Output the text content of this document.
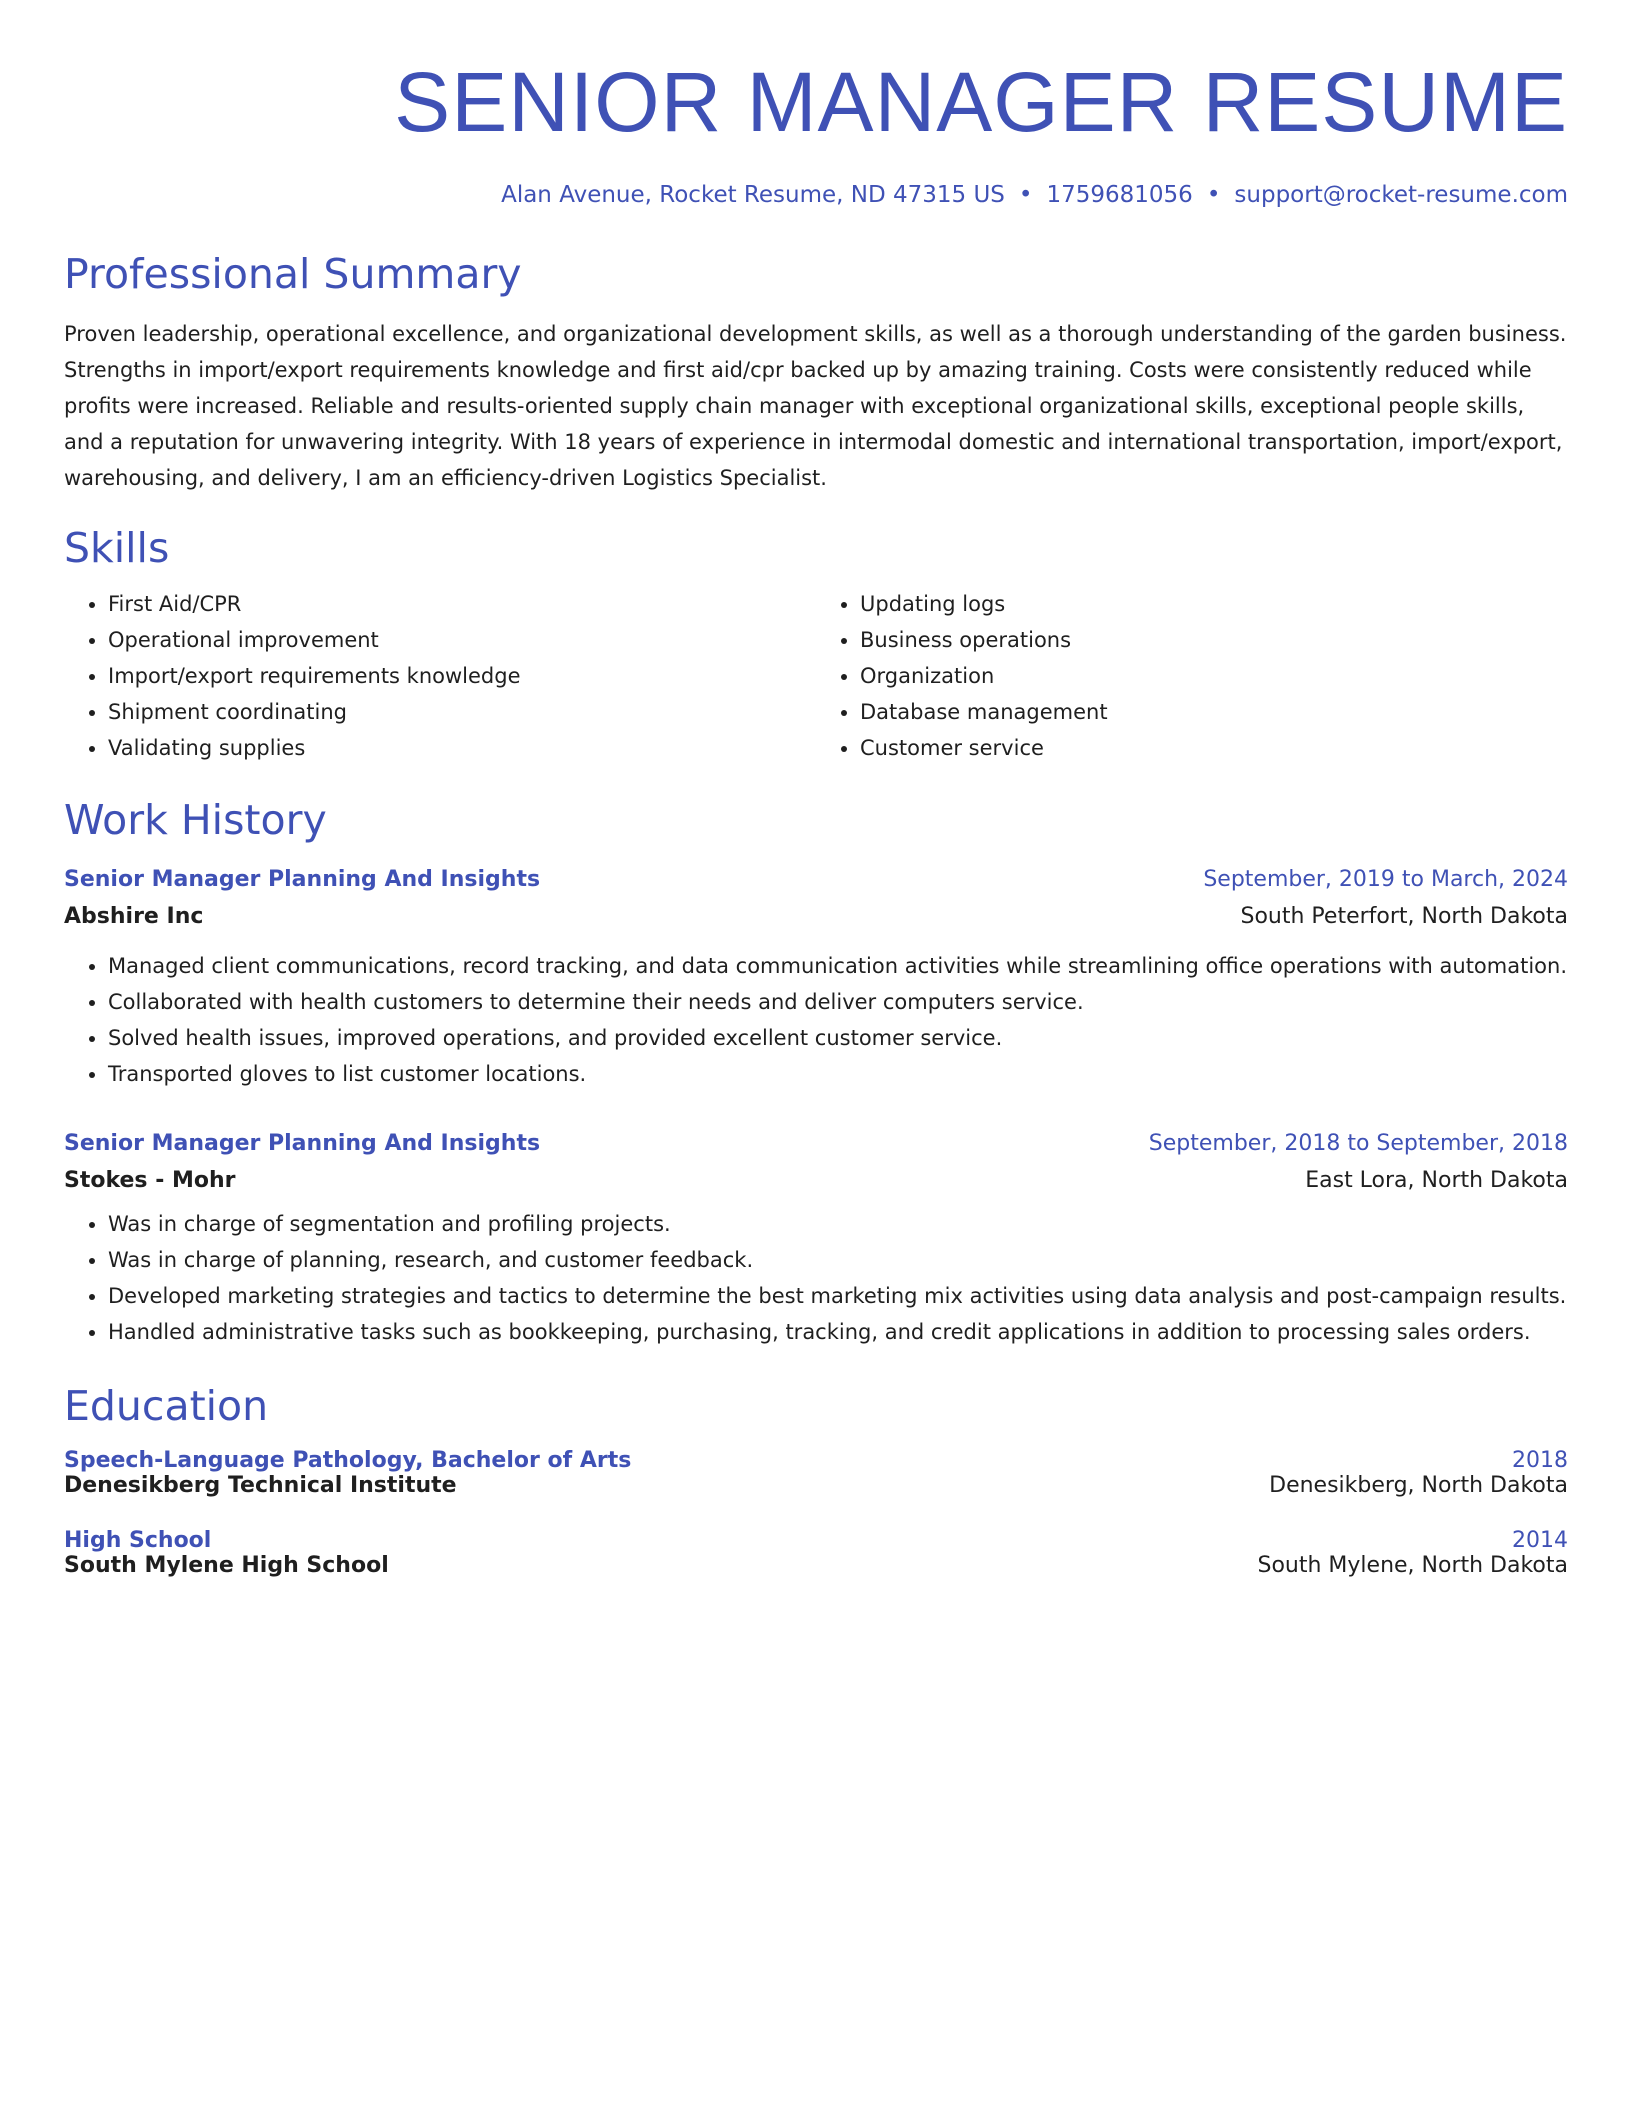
SENIOR MANAGER RESUME
Alan Avenue, Rocket Resume, ND 47315 US • 1759681056 • support@rocket-resume.com
Professional Summary
Proven leadership, operational excellence, and organizational development skills, as well as a thorough understanding of the garden business. Strengths in import/export requirements knowledge and first aid/cpr backed up by amazing training. Costs were consistently reduced while profits were increased. Reliable and results-oriented supply chain manager with exceptional organizational skills, exceptional people skills, and a reputation for unwavering integrity. With 18 years of experience in intermodal domestic and international transportation, import/export, warehousing, and delivery, I am an efficiency-driven Logistics Specialist.
Skills
• First Aid/CPR
• Operational improvement
• Import/export requirements knowledge
• Shipment coordinating
• Validating supplies
• Updating logs
• Business operations
• Organization
• Database management
• Customer service
Work History
Senior Manager Planning And Insights	September, 2019 to March, 2024
Abshire Inc	South Peterfort, North Dakota
• Managed client communications, record tracking, and data communication activities while streamlining office operations with automation.
• Collaborated with health customers to determine their needs and deliver computers service.
• Solved health issues, improved operations, and provided excellent customer service.
• Transported gloves to list customer locations.
Senior Manager Planning And Insights	September, 2018 to September, 2018
Stokes - Mohr	East Lora, North Dakota
• Was in charge of segmentation and profiling projects.
• Was in charge of planning, research, and customer feedback.
• Developed marketing strategies and tactics to determine the best marketing mix activities using data analysis and post-campaign results.
• Handled administrative tasks such as bookkeeping, purchasing, tracking, and credit applications in addition to processing sales orders.
Education
Speech-Language Pathology, Bachelor of Arts	2018
Denesikberg Technical Institute	Denesikberg, North Dakota
High School	2014
South Mylene High School	South Mylene, North Dakota
